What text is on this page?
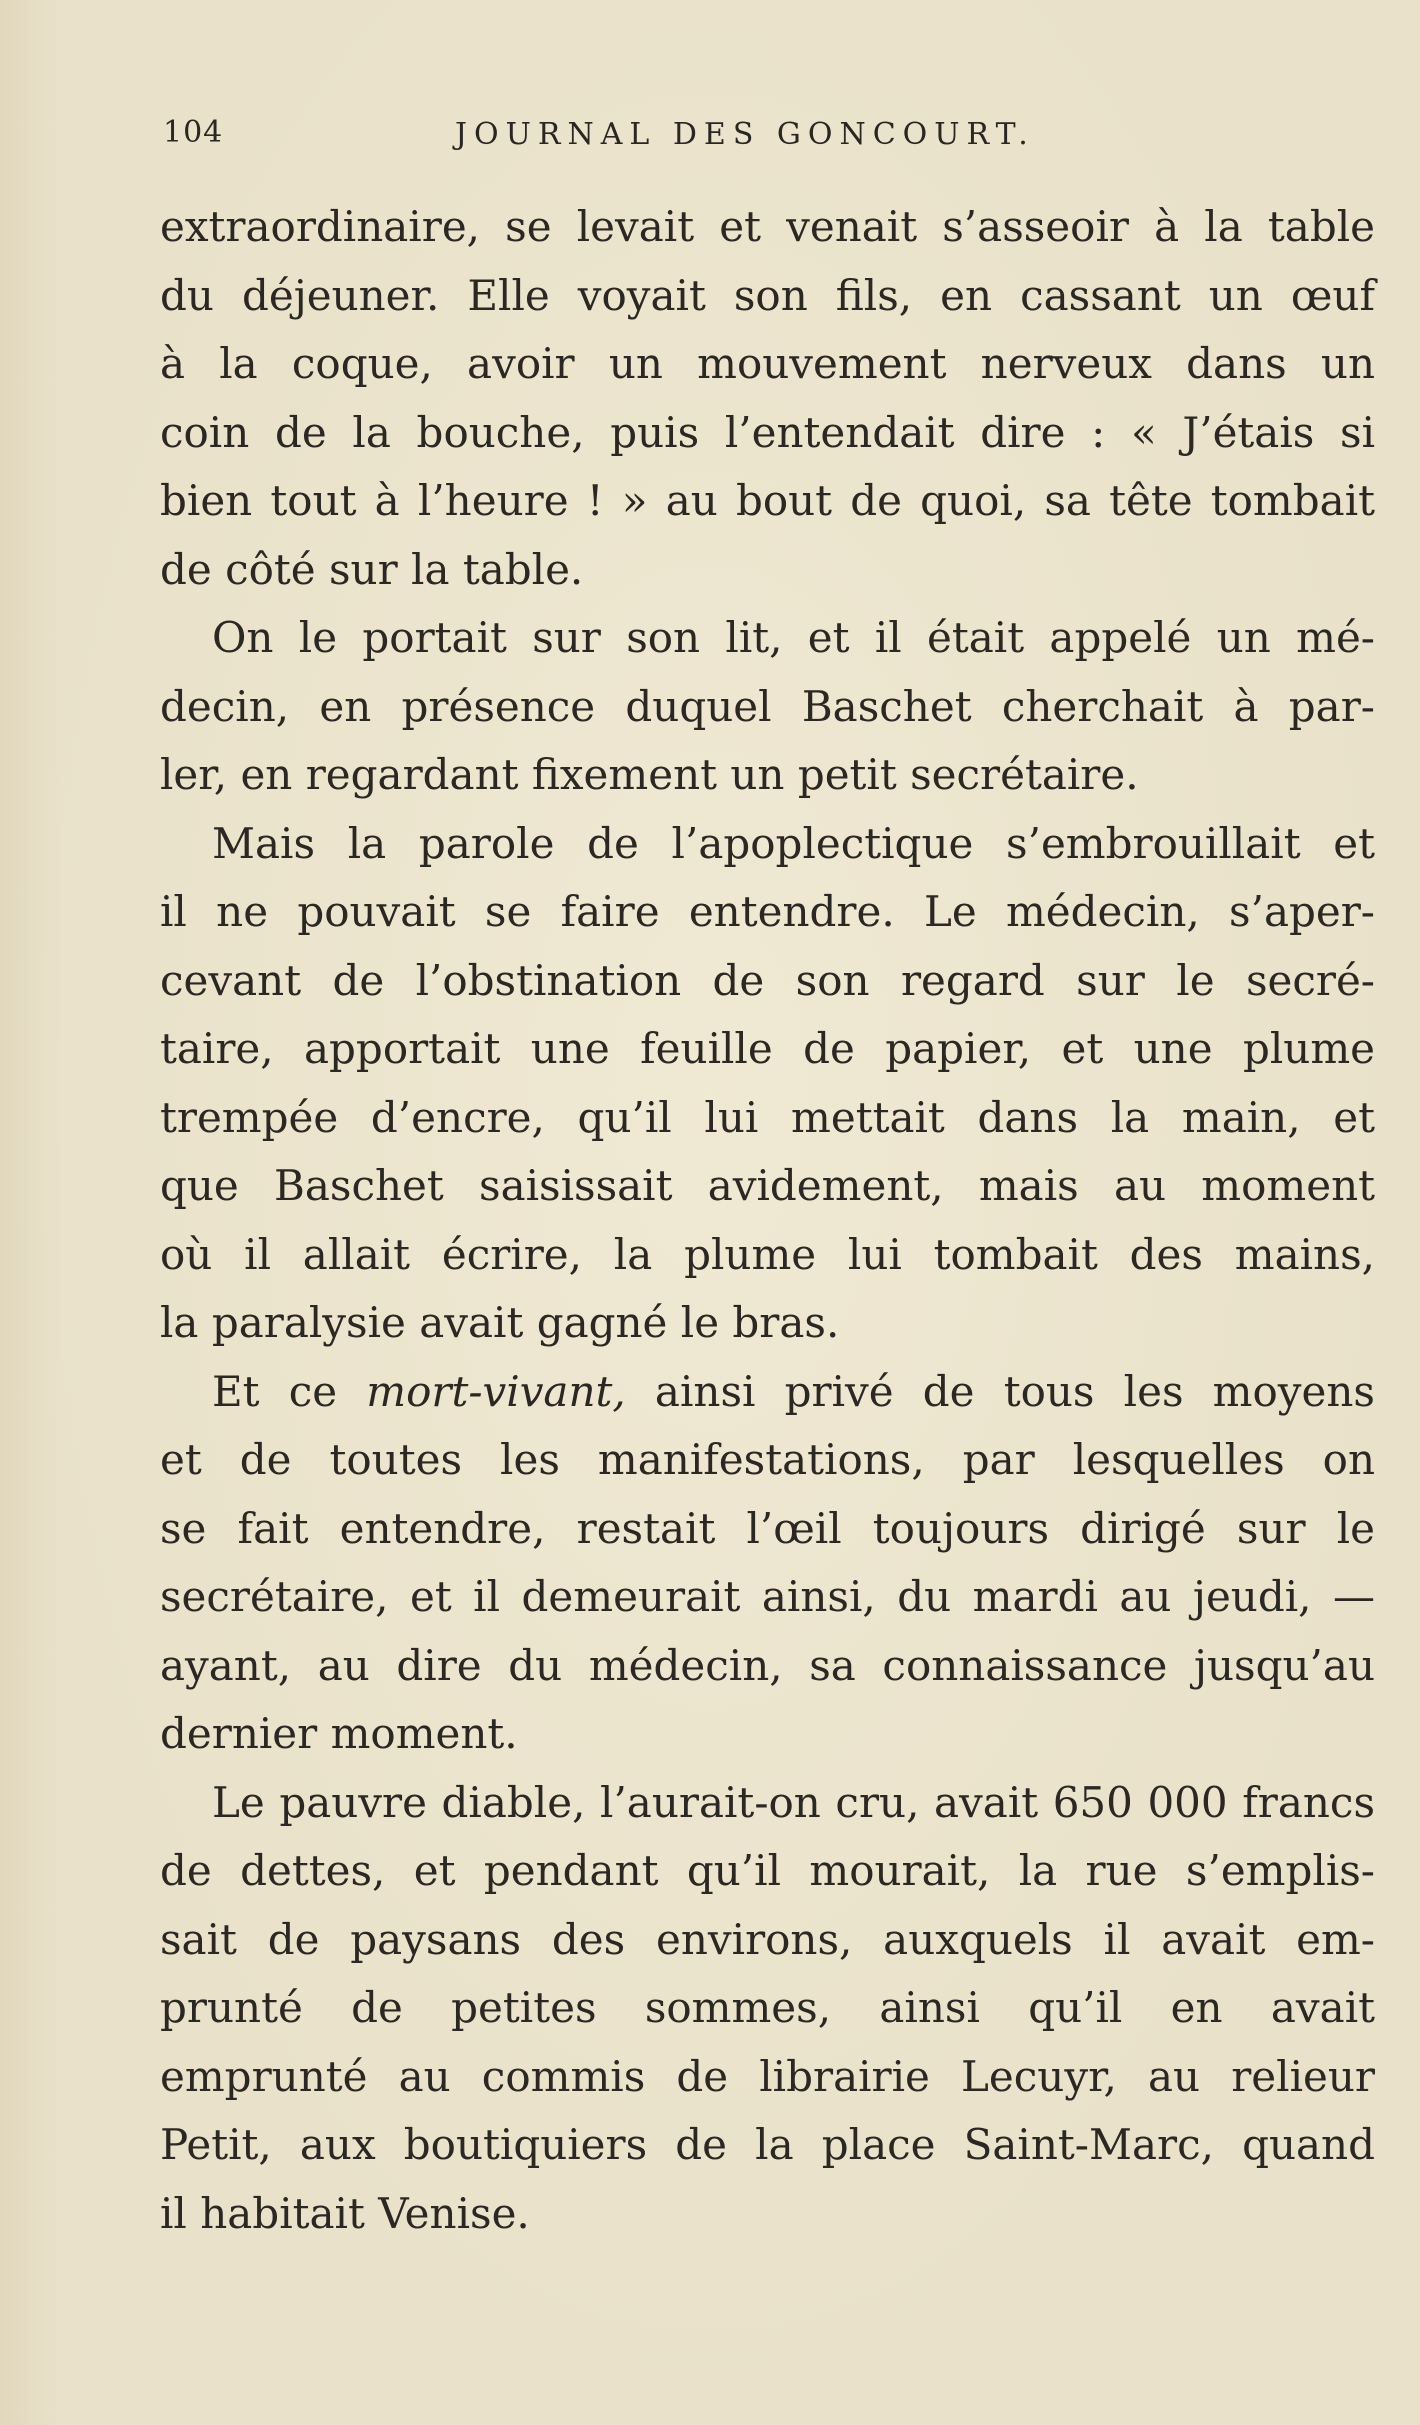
104	JOURNAL DES GONCOURT.
extraordinaire, se levait et venait s’asseoir à la table
du déjeuner. Elle voyait son fils, en cassant un œuf
à la coque, avoir un mouvement nerveux dans un
coin de la bouche, puis l’entendait dire : « J’étais si
bien tout à l’heure ! » au bout de quoi, sa tête tombait
de côté sur la table.
On le portait sur son lit, et il était appelé un mé-
decin, en présence duquel Baschet cherchait à par-
ler, en regardant fixement un petit secrétaire.
Mais la parole de l’apoplectique s’embrouillait et
il ne pouvait se faire entendre. Le médecin, s’aper-
cevant de l’obstination de son regard sur le secré-
taire, apportait une feuille de papier, et une plume
trempée d’encre, qu’il lui mettait dans la main, et
que Baschet saisissait avidement, mais au moment
où il allait écrire, la plume lui tombait des mains,
la paralysie avait gagné le bras.
Et ce mort-vivant, ainsi privé de tous les moyens
et de toutes les manifestations, par lesquelles on
se fait entendre, restait l’œil toujours dirigé sur le
secrétaire, et il demeurait ainsi, du mardi au jeudi, —
ayant, au dire du médecin, sa connaissance jusqu’au
dernier moment.
Le pauvre diable, l’aurait-on cru, avait 650 000 francs
de dettes, et pendant qu’il mourait, la rue s’emplis-
sait de paysans des environs, auxquels il avait em-
prunté de petites sommes, ainsi qu’il en avait
emprunté au commis de librairie Lecuyr, au relieur
Petit, aux boutiquiers de la place Saint-Marc, quand
il habitait Venise.
